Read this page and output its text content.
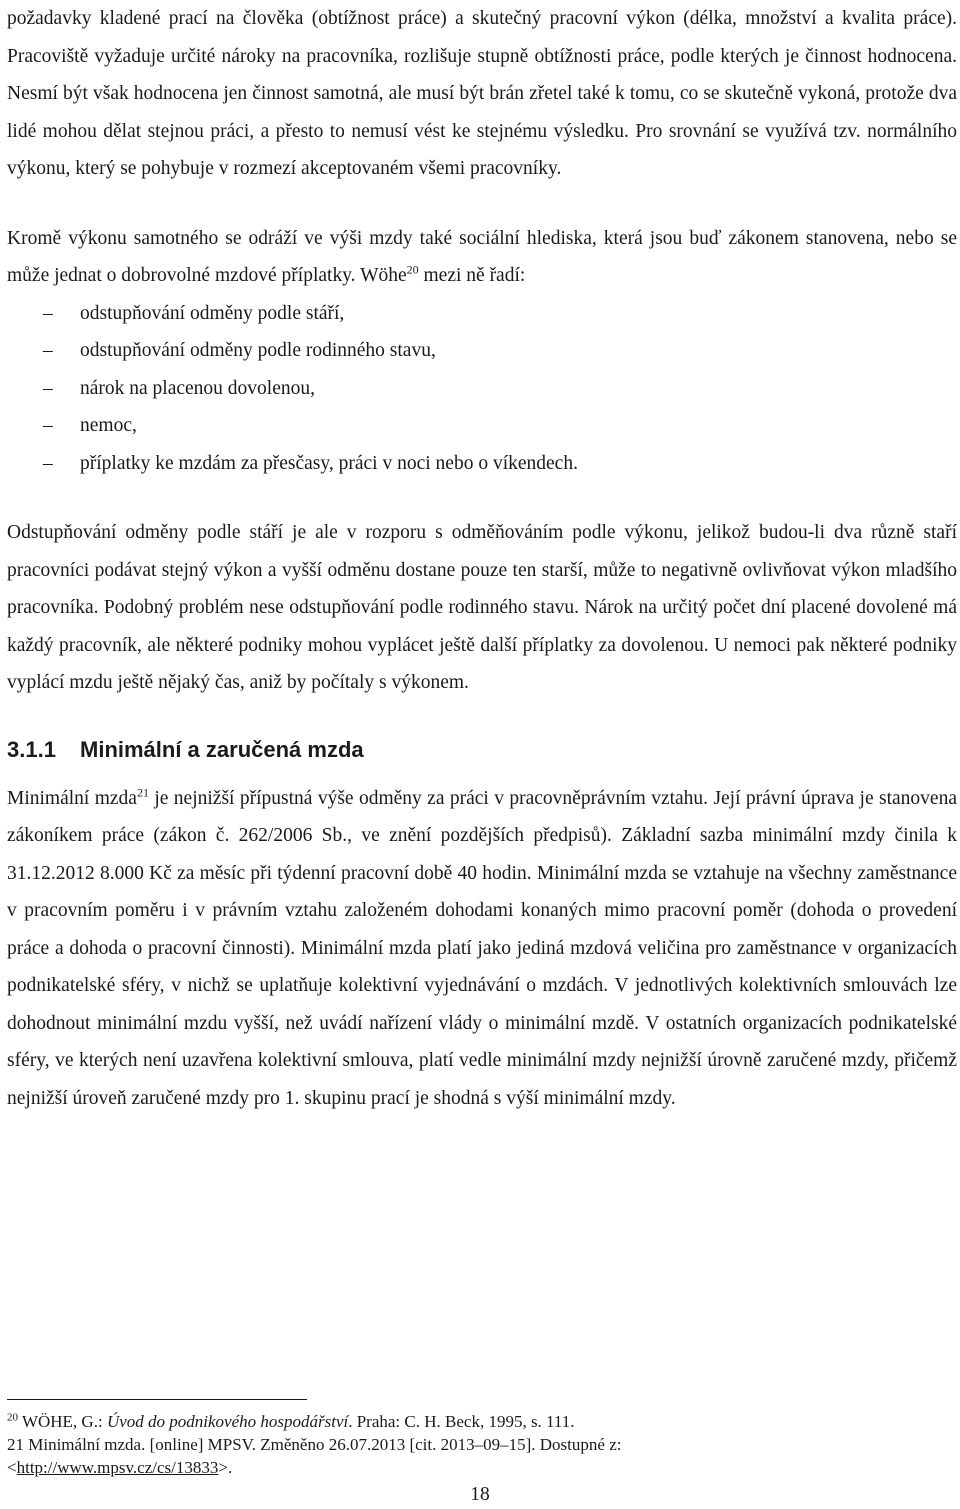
požadavky kladené prací na člověka (obtížnost práce) a skutečný pracovní výkon (délka, množství a kvalita práce). Pracoviště vyžaduje určité nároky na pracovníka, rozlišuje stupně obtížnosti práce, podle kterých je činnost hodnocena. Nesmí být však hodnocena jen činnost samotná, ale musí být brán zřetel také k tomu, co se skutečně vykoná, protože dva lidé mohou dělat stejnou práci, a přesto to nemusí vést ke stejnému výsledku. Pro srovnání se využívá tzv. normálního výkonu, který se pohybuje v rozmezí akceptovaném všemi pracovníky.

Kromě výkonu samotného se odráží ve výši mzdy také sociální hlediska, která jsou buď zákonem stanovena, nebo se může jednat o dobrovolné mzdové příplatky. Wöhe$^{20}$ mezi ně řadí:

– odstupňování odměny podle stáří,
– odstupňování odměny podle rodinného stavu,
– nárok na placenou dovolenou,
– nemoc,
– příplatky ke mzdám za přesčasy, práci v noci nebo o víkendech.

Odstupňování odměny podle stáří je ale v rozporu s odměňováním podle výkonu, jelikož budou-li dva různě staří pracovníci podávat stejný výkon a vyšší odměnu dostane pouze ten starší, může to negativně ovlivňovat výkon mladšího pracovníka. Podobný problém nese odstupňování podle rodinného stavu. Nárok na určitý počet dní placené dovolené má každý pracovník, ale některé podniky mohou vyplácet ještě další příplatky za dovolenou. U nemoci pak některé podniky vyplácí mzdu ještě nějaký čas, aniž by počítaly s výkonem.

3.1.1 Minimální a zaručená mzda

Minimální mzda$^{21}$ je nejnižší přípustná výše odměny za práci v pracovněprávním vztahu. Její právní úprava je stanovena zákoníkem práce (zákon č. 262/2006 Sb., ve znění pozdějších předpisů). Základní sazba minimální mzdy činila k 31.12.2012 8.000 Kč za měsíc při týdenní pracovní době 40 hodin. Minimální mzda se vztahuje na všechny zaměstnance v pracovním poměru i v právním vztahu založeném dohodami konaných mimo pracovní poměr (dohoda o provedení práce a dohoda o pracovní činnosti). Minimální mzda platí jako jediná mzdová veličina pro zaměstnance v organizacích podnikatelské sféry, v nichž se uplatňuje kolektivní vyjednávání o mzdách. V jednotlivých kolektivních smlouvách lze dohodnout minimální mzdu vyšší, než uvádí nařízení vlády o minimální mzdě. V ostatních organizacích podnikatelské sféry, ve kterých není uzavřena kolektivní smlouva, platí vedle minimální mzdy nejnižší úrovně zaručené mzdy, přičemž nejnižší úroveň zaručené mzdy pro 1. skupinu prací je shodná s výší minimální mzdy.

$^{20}$ WÖHE, G.: Úvod do podnikového hospodářství. Praha: C. H. Beck, 1995, s. 111.

21 Minimální mzda. [online] MPSV. Změněno 26.07.2013 [cit. 2013–09–15]. Dostupné z:

<http://www.mpsv.cz/cs/13833>.

18
